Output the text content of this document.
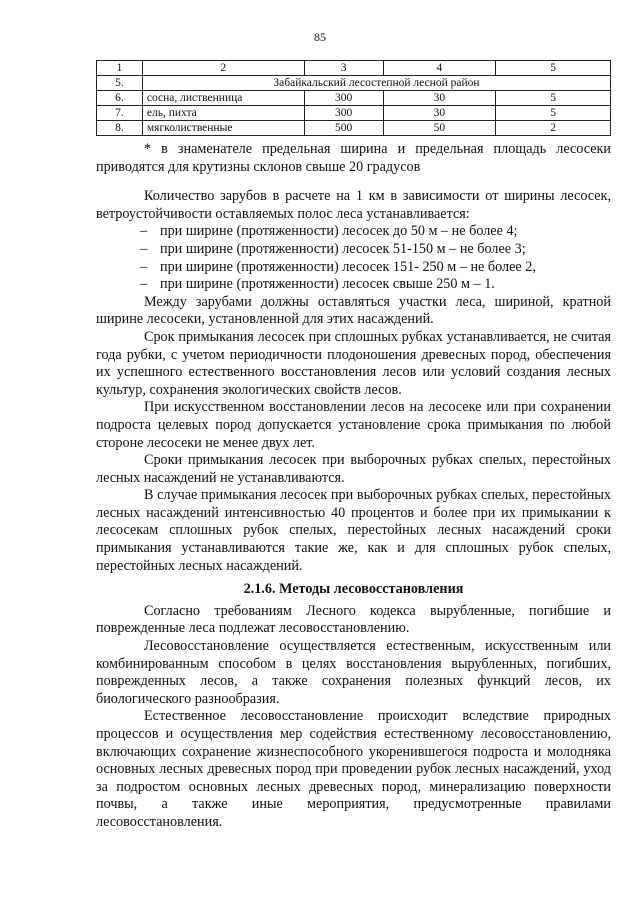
85
1	2	3	4	5
5.	Забайкальский лесостепной лесной район			
6.	сосна, лиственница	300	30	5
7.	ель, пихта	300	30	5
8.	мягколиственные	500	50	2

* в знаменателе предельная ширина и предельная площадь лесосеки приводятся для крутизны склонов свыше 20 градусов

Количество зарубов в расчете на 1 км в зависимости от ширины лесосек, ветроустойчивости оставляемых полос леса устанавливается:

– при ширине (протяженности) лесосек до 50 м – не более 4;
– при ширине (протяженности) лесосек 51-150 м – не более 3;
– при ширине (протяженности) лесосек 151- 250 м – не более 2,
– при ширине (протяженности) лесосек свыше 250 м – 1.

Между зарубами должны оставляться участки леса, шириной, кратной ширине лесосеки, установленной для этих насаждений.

Срок примыкания лесосек при сплошных рубках устанавливается, не считая года рубки, с учетом периодичности плодоношения древесных пород, обеспечения их успешного естественного восстановления лесов или условий создания лесных культур, сохранения экологических свойств лесов.

При искусственном восстановлении лесов на лесосеке или при сохранении подроста целевых пород допускается установление срока примыкания по любой стороне лесосеки не менее двух лет.

Сроки примыкания лесосек при выборочных рубках спелых, перестойных лесных насаждений не устанавливаются.

В случае примыкания лесосек при выборочных рубках спелых, перестойных лесных насаждений интенсивностью 40 процентов и более при их примыкании к лесосекам сплошных рубок спелых, перестойных лесных насаждений сроки примыкания устанавливаются такие же, как и для сплошных рубок спелых, перестойных лесных насаждений.

2.1.6. Методы лесовосстановления

Согласно требованиям Лесного кодекса вырубленные, погибшие и поврежденные леса подлежат лесовосстановлению.

Лесовосстановление осуществляется естественным, искусственным или комбинированным способом в целях восстановления вырубленных, погибших, поврежденных лесов, а также сохранения полезных функций лесов, их биологического разнообразия.

Естественное лесовосстановление происходит вследствие природных процессов и осуществления мер содействия естественному лесовосстановлению, включающих сохранение жизнеспособного укоренившегося подроста и молодняка основных лесных древесных пород при проведении рубок лесных насаждений, уход за подростом основных лесных древесных пород, минерализацию поверхности почвы, а также иные мероприятия, предусмотренные правилами лесовосстановления.
